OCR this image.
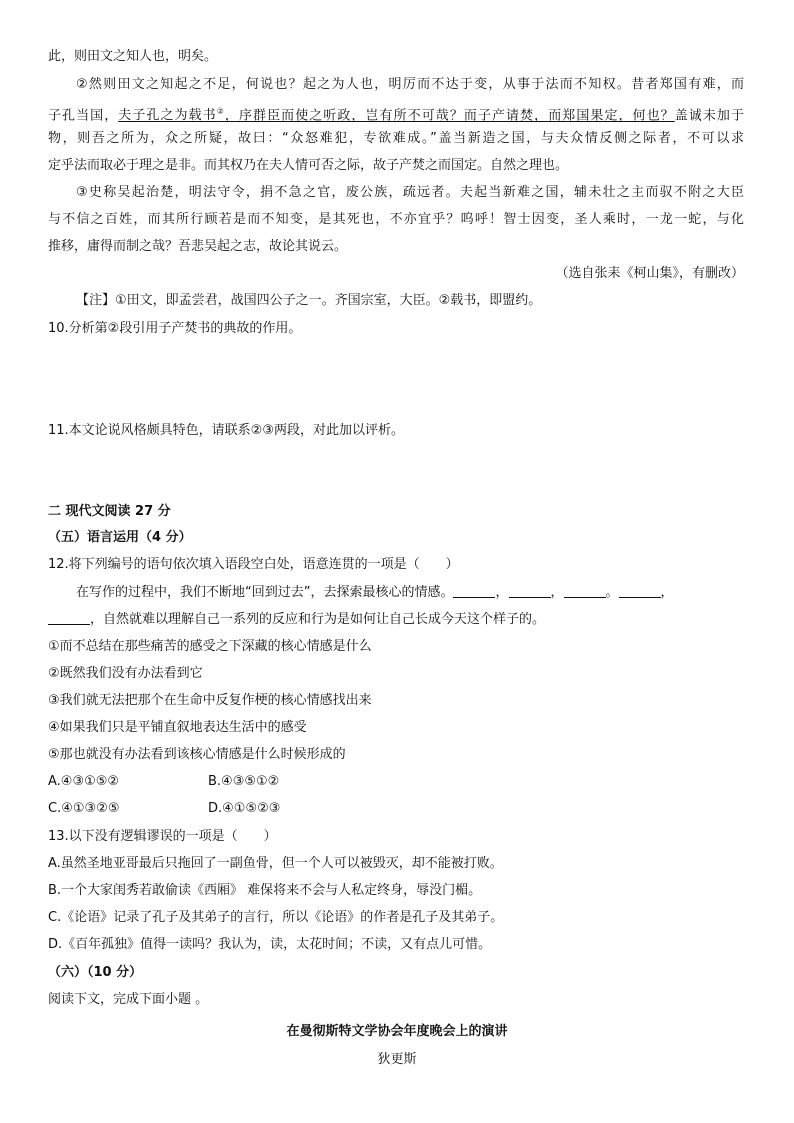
此，则田文之知人也，明矣。
②然则田文之知起之不足，何说也？起之为人也，明厉而不达于变，从事于法而不知权。昔者郑国有难，而
子孔当国，夫子孔之为载书②，序群臣而使之听政，岂有所不可哉？而子产请焚，而郑国果定，何也？盖诚未加于
物，则吾之所为，众之所疑，故曰：“众怒难犯，专欲难成。”盖当新造之国，与夫众情反侧之际者，不可以求
定乎法而取必于理之是非。而其权乃在夫人情可否之际，故子产焚之而国定。自然之理也。
③史称吴起治楚，明法守令，捐不急之官，废公族，疏远者。夫起当新难之国，辅未壮之主而驭不附之大臣
与不信之百姓，而其所行顾若是而不知变，是其死也，不亦宜乎？呜呼！智士因变，圣人乘时，一龙一蛇，与化
推移，庸得而制之哉？吾悲吴起之志，故论其说云。
（选自张耒《柯山集》，有删改）
【注】①田文，即孟尝君，战国四公子之一。齐国宗室，大臣。②载书，即盟约。
10.分析第②段引用子产焚书的典故的作用。
11.本文论说风格颇具特色，请联系②③两段，对此加以评析。
二 现代文阅读 27 分
（五）语言运用（4 分）
12.将下列编号的语句依次填入语段空白处，语意连贯的一项是（　　）
在写作的过程中，我们不断地“回到过去”，去探索最核心的情感。	，	，	。	，
，自然就难以理解自己一系列的反应和行为是如何让自己长成今天这个样子的。
①而不总结在那些痛苦的感受之下深藏的核心情感是什么
②既然我们没有办法看到它
③我们就无法把那个在生命中反复作梗的核心情感找出来
④如果我们只是平铺直叙地表达生活中的感受
⑤那也就没有办法看到该核心情感是什么时候形成的
A.④③①⑤②	B.④③⑤①②
C.④①③②⑤	D.④①⑤②③
13.以下没有逻辑谬误的一项是（　　）
A.虽然圣地亚哥最后只拖回了一副鱼骨，但一个人可以被毁灭，却不能被打败。
B.一个大家闺秀若敢偷读《西厢》 难保将来不会与人私定终身，辱没门楣。
C.《论语》记录了孔子及其弟子的言行，所以《论语》的作者是孔子及其弟子。
D.《百年孤独》值得一读吗？我认为，读，太花时间；不读，又有点儿可惜。
（六）（10 分）
阅读下文，完成下面小题 。
在曼彻斯特文学协会年度晚会上的演讲
狄更斯
